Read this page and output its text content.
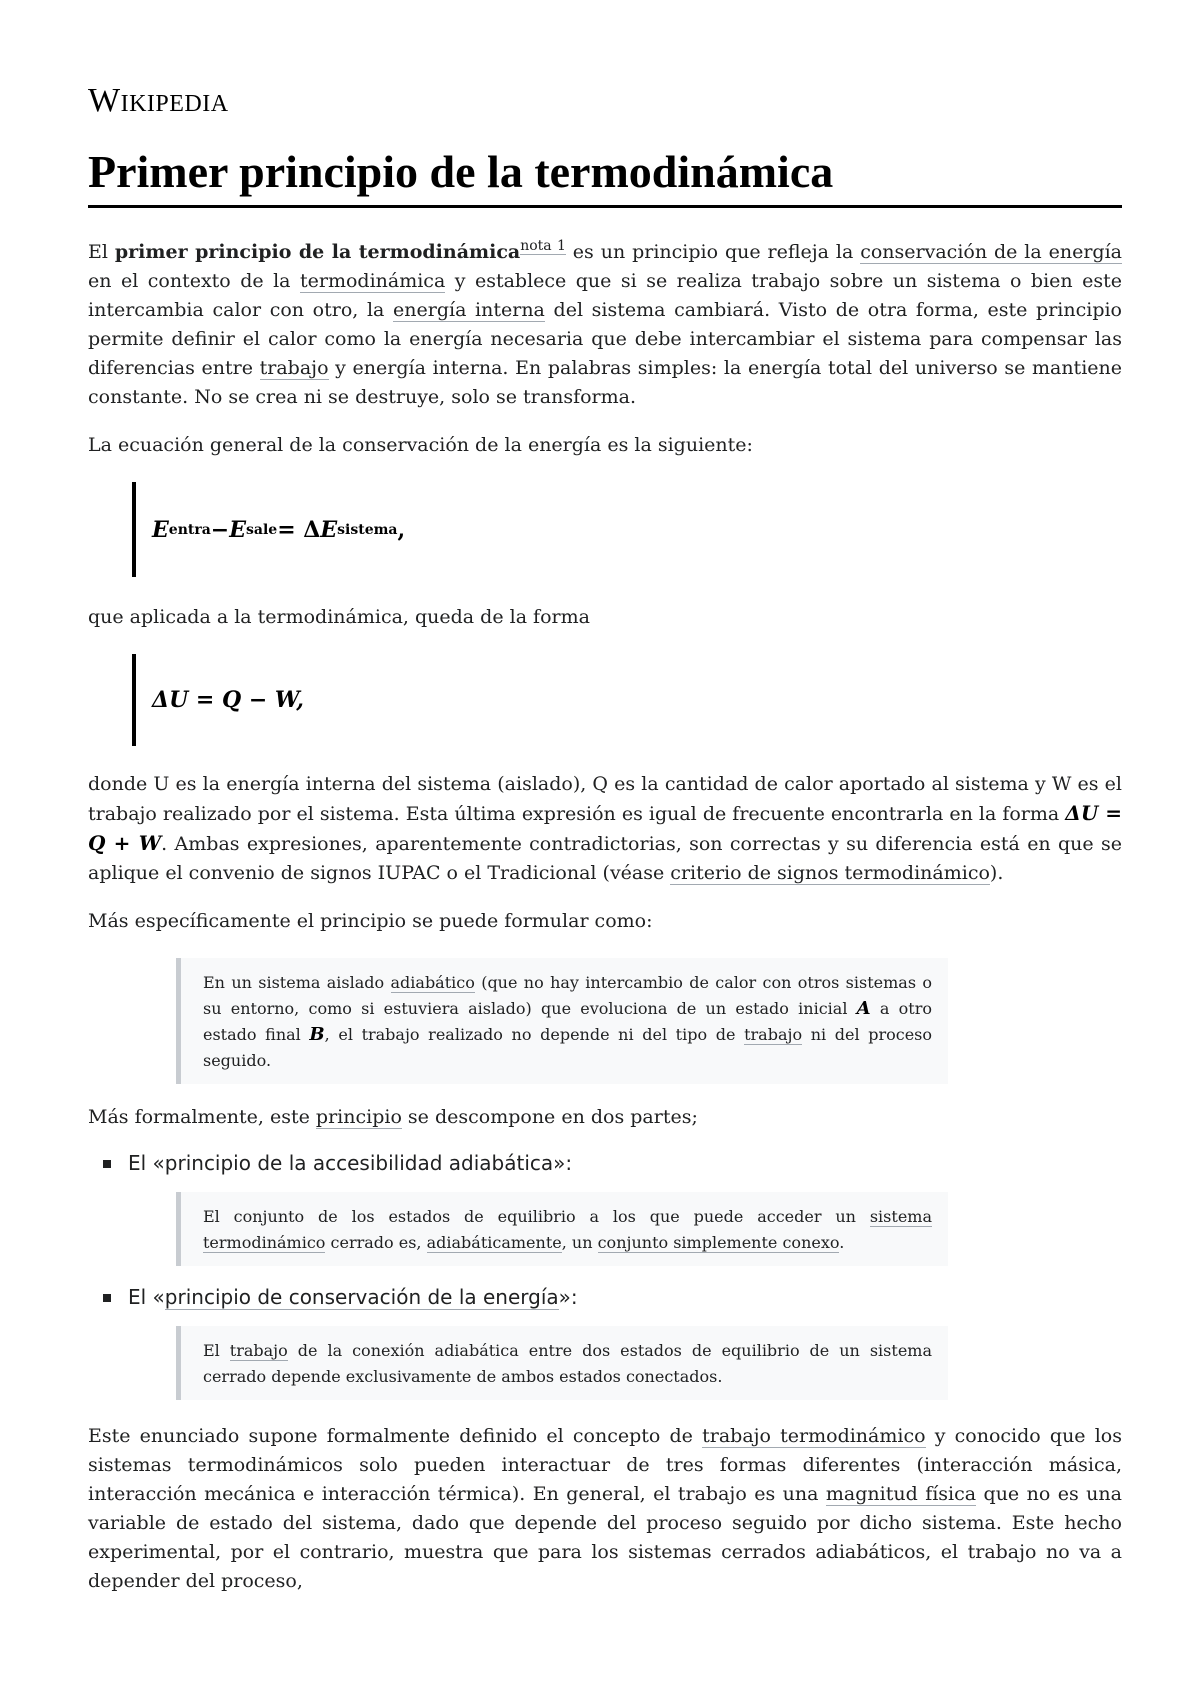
Wikipedia
Primer principio de la termodinámica

El primer principio de la termodinámica$^{nota 1}$ es un principio que refleja la conservación de la energía en el contexto de la termodinámica y establece que si se realiza trabajo sobre un sistema o bien este intercambia calor con otro, la energía interna del sistema cambiará. Visto de otra forma, este principio permite definir el calor como la energía necesaria que debe intercambiar el sistema para compensar las diferencias entre trabajo y energía interna. En palabras simples: la energía total del universo se mantiene constante. No se crea ni se destruye, solo se transforma.

La ecuación general de la conservación de la energía es la siguiente:

E entra − E sale = Δ E sistema ,

que aplicada a la termodinámica, queda de la forma

ΔU = Q − W,

donde U es la energía interna del sistema (aislado), Q es la cantidad de calor aportado al sistema y W es el trabajo realizado por el sistema. Esta última expresión es igual de frecuente encontrarla en la forma ΔU = Q + W. Ambas expresiones, aparentemente contradictorias, son correctas y su diferencia está en que se aplique el convenio de signos IUPAC o el Tradicional (véase criterio de signos termodinámico).

Más específicamente el principio se puede formular como:

En un sistema aislado adiabático (que no hay intercambio de calor con otros sistemas o su entorno, como si estuviera aislado) que evoluciona de un estado inicial A a otro estado final B, el trabajo realizado no depende ni del tipo de trabajo ni del proceso seguido.

Más formalmente, este principio se descompone en dos partes;

El «principio de la accesibilidad adiabática»:
El conjunto de los estados de equilibrio a los que puede acceder un sistema termodinámico cerrado es, adiabáticamente, un conjunto simplemente conexo.
El «principio de conservación de la energía»:
El trabajo de la conexión adiabática entre dos estados de equilibrio de un sistema cerrado depende exclusivamente de ambos estados conectados.

Este enunciado supone formalmente definido el concepto de trabajo termodinámico y conocido que los sistemas termodinámicos solo pueden interactuar de tres formas diferentes (interacción másica, interacción mecánica e interacción térmica). En general, el trabajo es una magnitud física que no es una variable de estado del sistema, dado que depende del proceso seguido por dicho sistema. Este hecho experimental, por el contrario, muestra que para los sistemas cerrados adiabáticos, el trabajo no va a depender del proceso,
